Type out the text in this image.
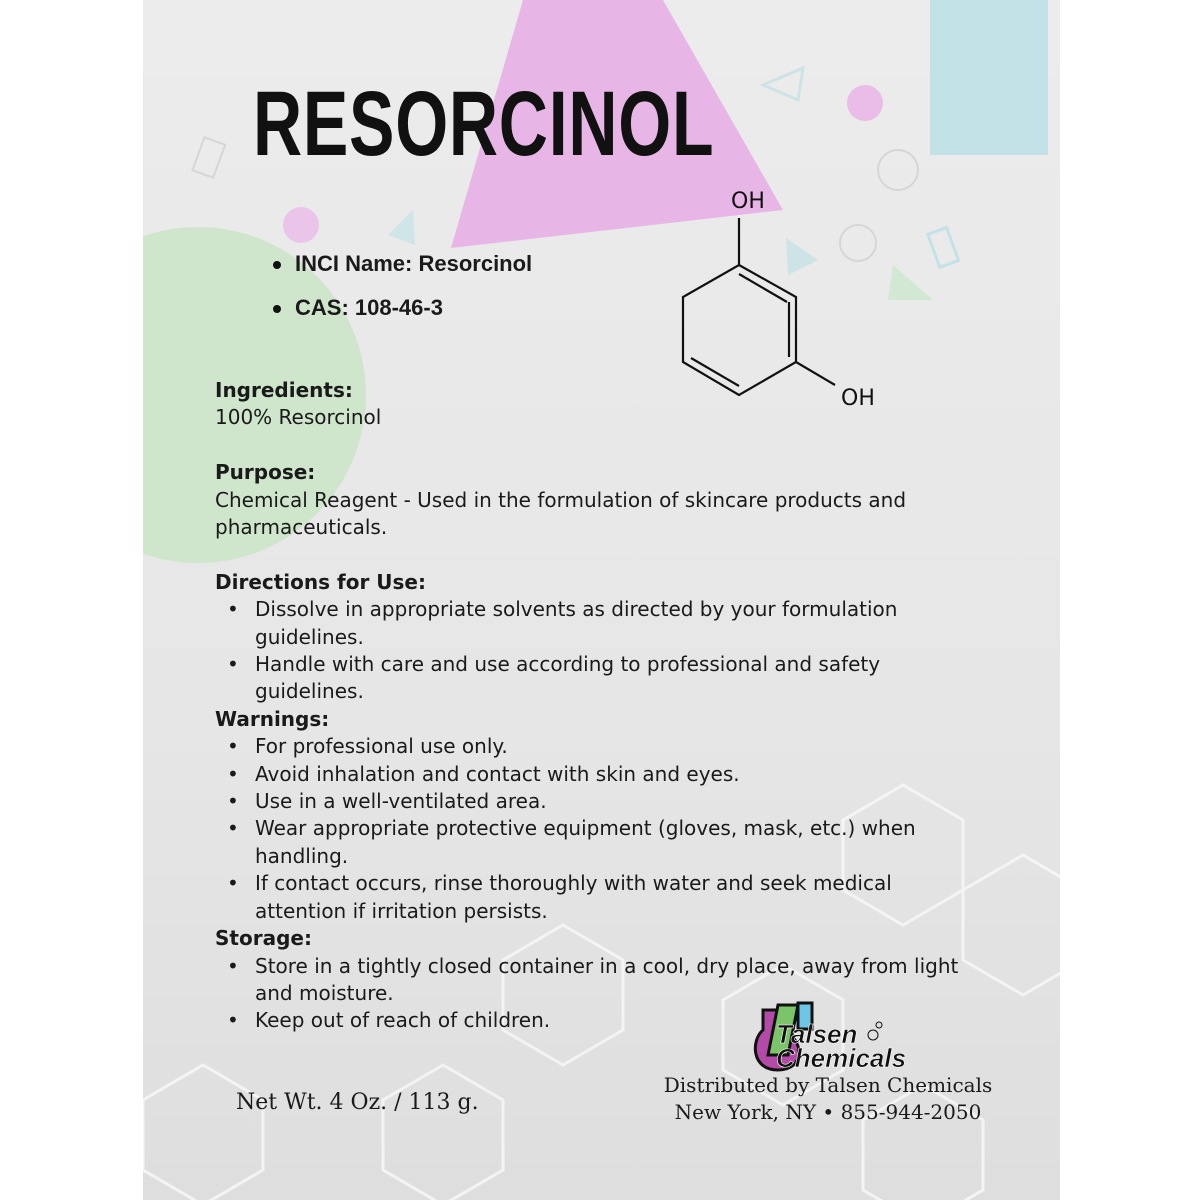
RESORCINOL
INCI Name: Resorcinol
CAS: 108-46-3
OH
OH
Ingredients:
100% Resorcinol
Purpose:
Chemical Reagent - Used in the formulation of skincare products and pharmaceuticals.
Directions for Use:
• Dissolve in appropriate solvents as directed by your formulation guidelines.
• Handle with care and use according to professional and safety guidelines.
Warnings:
• For professional use only.
• Avoid inhalation and contact with skin and eyes.
• Use in a well-ventilated area.
• Wear appropriate protective equipment (gloves, mask, etc.) when handling.
• If contact occurs, rinse thoroughly with water and seek medical attention if irritation persists.
Storage:
• Store in a tightly closed container in a cool, dry place, away from light and moisture.
• Keep out of reach of children.
Net Wt. 4 Oz. / 113 g.
Talsen
Chemicals
Distributed by Talsen Chemicals
New York, NY • 855-944-2050
